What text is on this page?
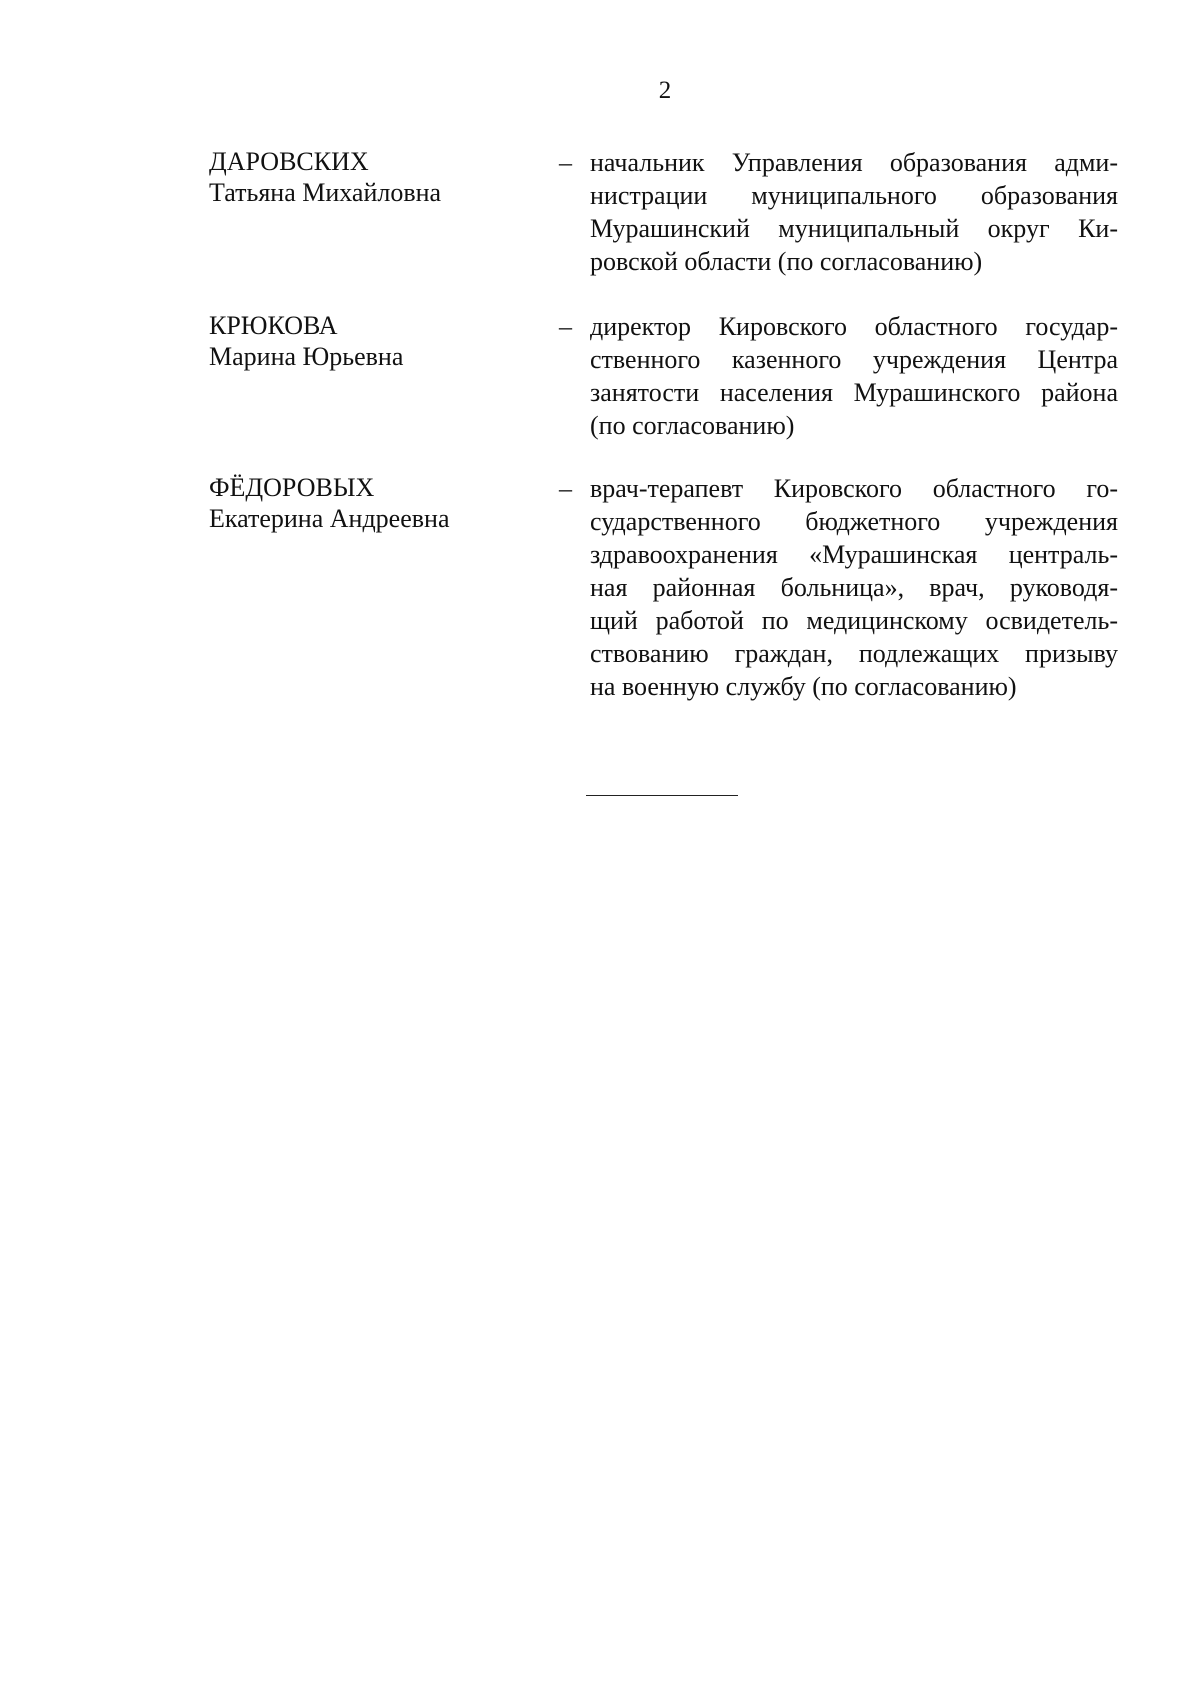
2
ДАРОВСКИХ
Татьяна Михайловна
– начальник Управления образования адми-
нистрации муниципального образования
Мурашинский муниципальный округ Ки-
ровской области (по согласованию)
КРЮКОВА
Марина Юрьевна
– директор Кировского областного государ-
ственного казенного учреждения Центра
занятости населения Мурашинского района
(по согласованию)
ФЁДОРОВЫХ
Екатерина Андреевна
– врач-терапевт Кировского областного го-
сударственного бюджетного учреждения
здравоохранения «Мурашинская централь-
ная районная больница», врач, руководя-
щий работой по медицинскому освидетель-
ствованию граждан, подлежащих призыву
на военную службу (по согласованию)
